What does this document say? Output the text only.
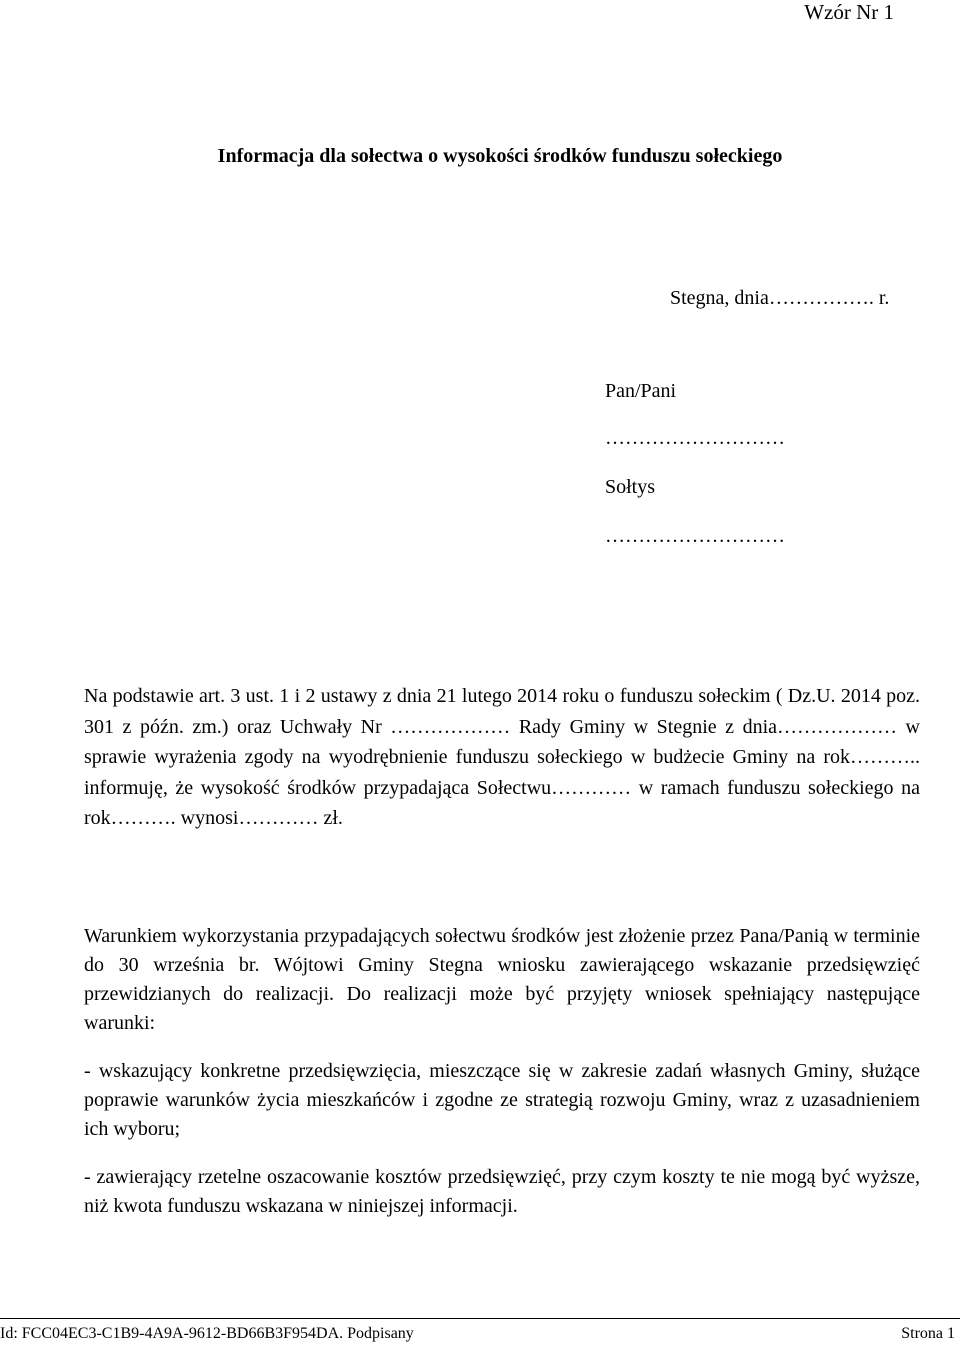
Wzór Nr 1
Informacja dla sołectwa o wysokości środków funduszu sołeckiego
Stegna, dnia……………. r.
Pan/Pani
………………………
Sołtys
………………………

Na podstawie art. 3 ust. 1 i 2 ustawy z dnia 21 lutego 2014 roku o funduszu sołeckim ( Dz.U. 2014 poz. 301 z późn. zm.) oraz Uchwały Nr ……………… Rady Gminy w Stegnie z dnia……………… w sprawie wyrażenia zgody na wyodrębnienie funduszu sołeckiego w budżecie Gminy na rok……….. informuję, że wysokość środków przypadająca Sołectwu………… w ramach funduszu sołeckiego na rok………. wynosi………… zł.

Warunkiem wykorzystania przypadających sołectwu środków jest złożenie przez Pana/Panią w terminie do 30 września br. Wójtowi Gminy Stegna wniosku zawierającego wskazanie przedsięwzięć przewidzianych do realizacji. Do realizacji może być przyjęty wniosek spełniający następujące warunki:

- wskazujący konkretne przedsięwzięcia, mieszczące się w zakresie zadań własnych Gminy, służące poprawie warunków życia mieszkańców i zgodne ze strategią rozwoju Gminy, wraz z uzasadnieniem ich wyboru;

- zawierający rzetelne oszacowanie kosztów przedsięwzięć, przy czym koszty te nie mogą być wyższe, niż kwota funduszu wskazana w niniejszej informacji.

Id: FCC04EC3-C1B9-4A9A-9612-BD66B3F954DA. Podpisany	Strona 1
